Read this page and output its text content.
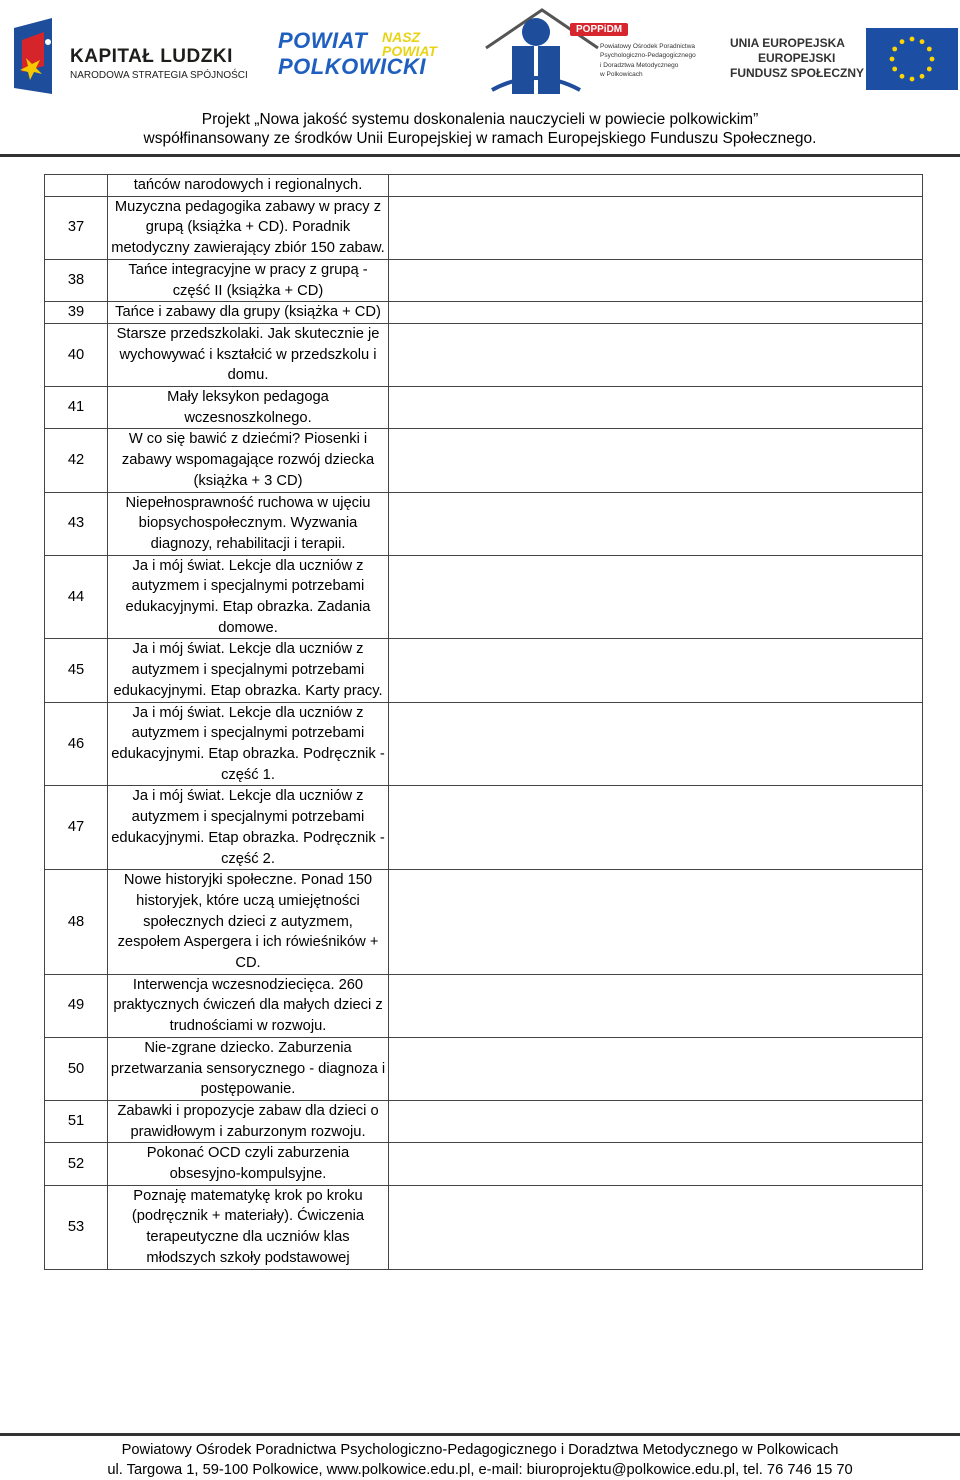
KAPITAŁ LUDZKI
NARODOWA STRATEGIA SPÓJNOŚCI
POWIAT
POLKOWICKI
NASZ POWIAT
POPPiDM
Powiatowy Ośrodek Poradnictwa
Psychologiczno-Pedagogicznego
i Doradztwa Metodycznego
w Polkowicach
UNIA EUROPEJSKA
EUROPEJSKI
FUNDUSZ SPOŁECZNY
Projekt „Nowa jakość systemu doskonalenia nauczycieli w powiecie polkowickim”
współfinansowany ze środków Unii Europejskiej w ramach Europejskiego Funduszu Społecznego.
	tańców narodowych i regionalnych.	
37	Muzyczna pedagogika zabawy w pracy z grupą (książka + CD). Poradnik metodyczny zawierający zbiór 150 zabaw.	
38	Tańce integracyjne w pracy z grupą - część II (książka + CD)	
39	Tańce i zabawy dla grupy (książka + CD)	
40	Starsze przedszkolaki. Jak skutecznie je wychowywać i kształcić w przedszkolu i domu.	
41	Mały leksykon pedagoga wczesnoszkolnego.	
42	W co się bawić z dziećmi? Piosenki i zabawy wspomagające rozwój dziecka (książka + 3 CD)	
43	Niepełnosprawność ruchowa w ujęciu biopsychospołecznym. Wyzwania diagnozy, rehabilitacji i terapii.	
44	Ja i mój świat. Lekcje dla uczniów z autyzmem i specjalnymi potrzebami edukacyjnymi. Etap obrazka. Zadania domowe.	
45	Ja i mój świat. Lekcje dla uczniów z autyzmem i specjalnymi potrzebami edukacyjnymi. Etap obrazka. Karty pracy.	
46	Ja i mój świat. Lekcje dla uczniów z autyzmem i specjalnymi potrzebami edukacyjnymi. Etap obrazka. Podręcznik - część 1.	
47	Ja i mój świat. Lekcje dla uczniów z autyzmem i specjalnymi potrzebami edukacyjnymi. Etap obrazka. Podręcznik - część 2.	
48	Nowe historyjki społeczne. Ponad 150 historyjek, które uczą umiejętności społecznych dzieci z autyzmem, zespołem Aspergera i ich rówieśników + CD.	
49	Interwencja wczesnodziecięca. 260 praktycznych ćwiczeń dla małych dzieci z trudnościami w rozwoju.	
50	Nie-zgrane dziecko. Zaburzenia przetwarzania sensorycznego - diagnoza i postępowanie.	
51	Zabawki i propozycje zabaw dla dzieci o prawidłowym i zaburzonym rozwoju.	
52	Pokonać OCD czyli zaburzenia obsesyjno-kompulsyjne.	
53	Poznaję matematykę krok po kroku (podręcznik + materiały). Ćwiczenia terapeutyczne dla uczniów klas młodszych szkoły podstawowej	
Powiatowy Ośrodek Poradnictwa Psychologiczno-Pedagogicznego i Doradztwa Metodycznego w Polkowicach
ul. Targowa 1, 59-100 Polkowice, www.polkowice.edu.pl, e-mail: biuroprojektu@polkowice.edu.pl, tel. 76 746 15 70
